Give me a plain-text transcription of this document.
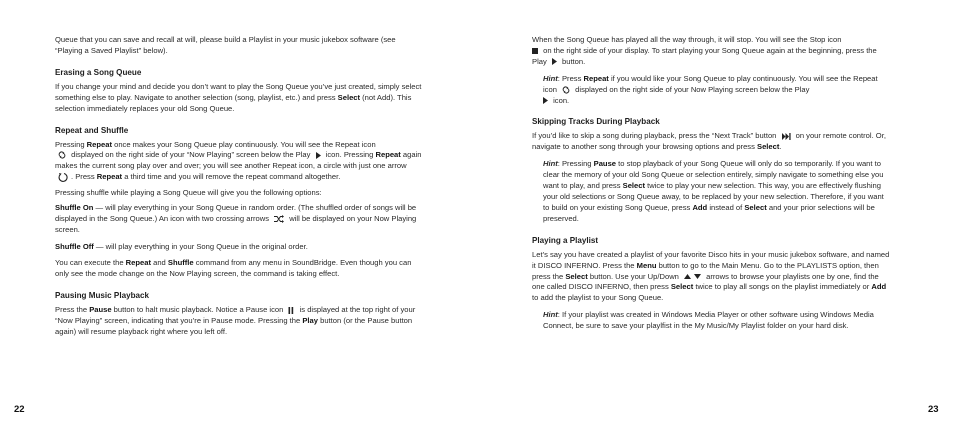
Queue that you can save and recall at will, please build a Playlist in your music jukebox software (see “Playing a Saved Playlist” below).

Erasing a Song Queue

If you change your mind and decide you don’t want to play the Song Queue you’ve just created, simply select something else to play. Navigate to another selection (song, playlist, etc.) and press Select (not Add). This selection immediately replaces your old Song Queue.

Repeat and Shuffle

Pressing Repeat once makes your Song Queue play continuously. You will see the Repeat icon
displayed on the right side of your “Now Playing” screen below the Play  icon. Pressing Repeat again makes the current song play over and over; you will see another Repeat icon, a circle with just one arrow . Press Repeat a third time and you will remove the repeat command altogether.

Pressing shuffle while playing a Song Queue will give you the following options:

Shuffle On — will play everything in your Song Queue in random order. (The shuffled order of songs will be displayed in the Song Queue.) An icon with two crossing arrows  will be displayed on your Now Playing screen.

Shuffle Off — will play everything in your Song Queue in the original order.

You can execute the Repeat and Shuffle command from any menu in SoundBridge. Even though you can only see the mode change on the Now Playing screen, the command is taking effect.

Pausing Music Playback

Press the Pause button to halt music playback. Notice a Pause icon  is displayed at the top right of your “Now Playing” screen, indicating that you’re in Pause mode. Pressing the Play button (or the Pause button again) will resume playback right where you left off.

22

When the Song Queue has played all the way through, it will stop. You will see the Stop icon
on the right side of your display. To start playing your Song Queue again at the beginning, press the Play  button.

Hint: Press Repeat if you would like your Song Queue to play continuously. You will see the Repeat icon  displayed on the right side of your Now Playing screen below the Play
icon.

Skipping Tracks During Playback

If you’d like to skip a song during playback, press the “Next Track” button  on your remote control. Or, navigate to another song through your browsing options and press Select.

Hint: Pressing Pause to stop playback of your Song Queue will only do so temporarily. If you want to clear the memory of your old Song Queue or selection entirely, simply navigate to something else you want to play, and press Select twice to play your new selection. This way, you are effectively flushing your old selections or Song Queue away, to be replaced by your new selection. Therefore, if you want to build on your existing Song Queue, press Add instead of Select and your prior selections will be preserved.

Playing a Playlist

Let’s say you have created a playlist of your favorite Disco hits in your music jukebox software, and named it DISCO INFERNO. Press the Menu button to go to the Main Menu. Go to the PLAYLISTS option, then press the Select button. Use your Up/Down	arrows to browse your playlists one by one, find the one called DISCO INFERNO, then press Select twice to play all songs on the playlist immediately or Add to add the playlist to your Song Queue.

Hint: If your playlist was created in Windows Media Player or other software using Windows Media Connect, be sure to save your playlfist in the My Music/My Playlist folder on your hard disk.

23
